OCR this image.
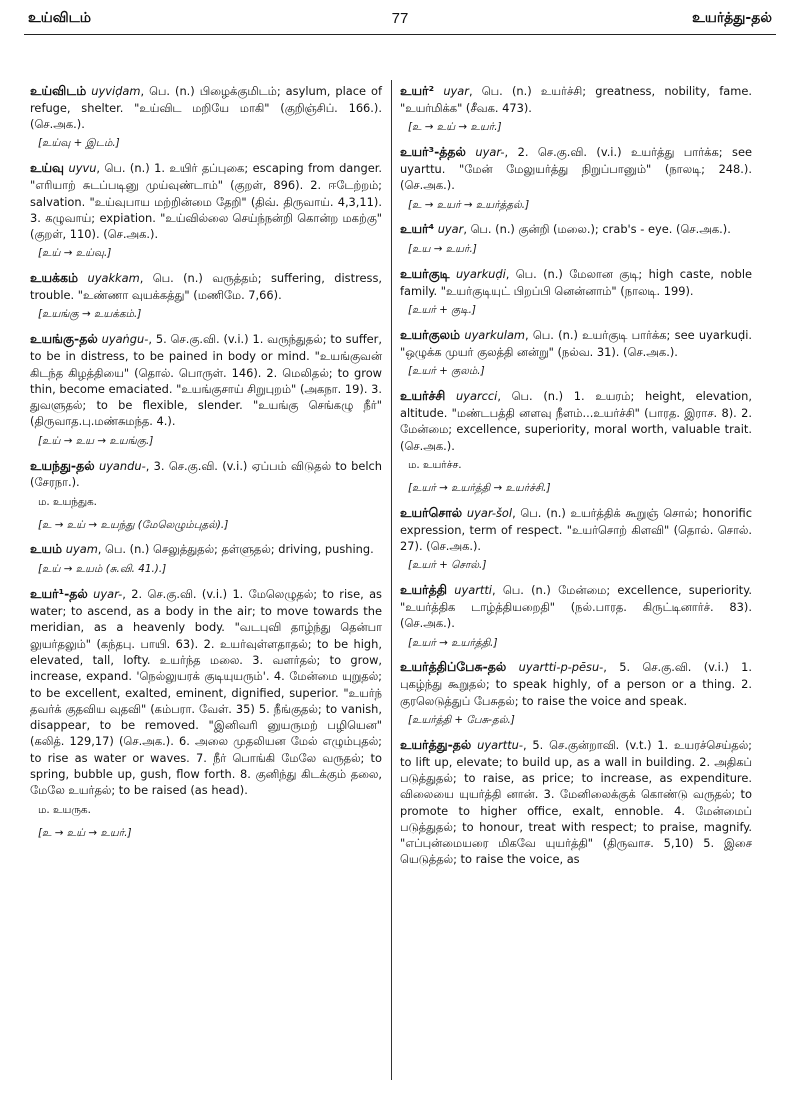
உய்விடம்	77	உயர்த்து-தல்
உய்விடம் uyviḍam, பெ. (n.) பிழைக்குமிடம்; asylum, place of refuge, shelter. "உய்விட மறியே மாகி" (குறிஞ்சிப். 166.). (செ.அக.).
[உய்வு + இடம்.]
உய்வு uyvu, பெ. (n.) 1. உயிர் தப்புகை; escaping from danger. "எரியாற் சுடப்படினு முய்வுண்டாம்" (குறள், 896). 2. ஈடேற்றம்; salvation. "உய்வுபாய மற்றின்மை தேறி" (திவ். திருவாய். 4,3,11). 3. கழுவாய்; expiation. "உய்வில்லை செய்ந்நன்றி கொன்ற மகற்கு" (குறள், 110). (செ.அக.).
[உய் → உய்வு.]
உயக்கம் uyakkam, பெ. (n.) வருத்தம்; suffering, distress, trouble. "உண்ணா வுயக்கத்து" (மணிமே. 7,66).
[உயங்கு → உயக்கம்.]
உயங்கு-தல் uyaṅgu-, 5. செ.கு.வி. (v.i.) 1. வருந்துதல்; to suffer, to be in distress, to be pained in body or mind. "உயங்குவன் கிடந்த கிழத்தியை" (தொல். பொருள். 146). 2. மெலிதல்; to grow thin, become emaciated. "உயங்குசாய் சிறுபுறம்" (அகநா. 19). 3. துவளுதல்; to be flexible, slender. "உயங்கு செங்கழு நீர்" (திருவாத.பு.மண்சுமந்த. 4.).
[உய் → உய → உயங்கு.]
உயந்து-தல் uyandu-, 3. செ.கு.வி. (v.i.) ஏப்பம் விடுதல் to belch (சேரநா.).
ம. உயந்துக.
[உ → உய் → உயந்து (மேலெழும்புதல்).]
உயம் uyam, பெ. (n.) செலுத்துதல்; தள்ளுதல்; driving, pushing.
[உய் → உயம் (சு.வி. 41.).]
உயர்¹-தல் uyar-, 2. செ.கு.வி. (v.i.) 1. மேலெழுதல்; to rise, as water; to ascend, as a body in the air; to move towards the meridian, as a heavenly body. "வடபுவி தாழ்ந்து தென்பா லுயர்தலும்" (கந்தபு. பாயி. 63). 2. உயர்வுள்ளதாதல்; to be high, elevated, tall, lofty. உயர்ந்த மலை. 3. வளர்தல்; to grow, increase, expand. 'நெல்லுயரக் குடியுயரும்'. 4. மேன்மை யுறுதல்; to be excellent, exalted, eminent, dignified, superior. "உயர்ந் தவர்க் குதவிய வுதவி" (கம்பரா. வேள். 35) 5. நீங்குதல்; to vanish, disappear, to be removed. "இனிவரி னுயருமற் பழியென" (கலித். 129,17) (செ.அக.). 6. அலை முதலியன மேல் எழும்புதல்; to rise as water or waves. 7. நீர் பொங்கி மேலே வருதல்; to spring, bubble up, gush, flow forth. 8. குனிந்து கிடக்கும் தலை, மேலே உயர்தல்; to be raised (as head).
ம. உயருக.
[உ → உய் → உயர்.]
உயர்² uyar, பெ. (n.) உயர்ச்சி; greatness, nobility, fame. "உயர்மிக்க" (சீவக. 473).
[உ → உய் → உயர்.]
உயர்³-த்தல் uyar-, 2. செ.கு.வி. (v.i.) உயர்த்து பார்க்க; see uyarttu. "மேன் மேலுயர்த்து நிறுப்பானும்" (நாலடி; 248.). (செ.அக.).
[உ → உயர் → உயர்த்தல்.]
உயர்⁴ uyar, பெ. (n.) குன்றி (மலை.); crab's - eye. (செ.அக.).
[உய → உயர்.]
உயர்குடி uyarkuḍi, பெ. (n.) மேலான குடி; high caste, noble family. "உயர்குடியுட் பிறப்பி னென்னாம்" (நாலடி. 199).
[உயர் + குடி.]
உயர்குலம் uyarkulam, பெ. (n.) உயர்குடி பார்க்க; see uyarkuḍi. "ஒழுக்க முயர் குலத்தி னன்று" (நல்வ. 31). (செ.அக.).
[உயர் + குலம்.]
உயர்ச்சி uyarcci, பெ. (n.) 1. உயரம்; height, elevation, altitude. "மண்டபத்தி னளவு நீளம்...உயர்ச்சி" (பாரத. இராச. 8). 2. மேன்மை; excellence, superiority, moral worth, valuable trait. (செ.அக.).
ம. உயர்ச்ச.
[உயர் → உயர்த்தி → உயர்ச்சி.]
உயர்சொல் uyar-šol, பெ. (n.) உயர்த்திக் கூறுஞ் சொல்; honorific expression, term of respect. "உயர்சொற் கிளவி" (தொல். சொல். 27). (செ.அக.).
[உயர் + சொல்.]
உயர்த்தி uyartti, பெ. (n.) மேன்மை; excellence, superiority. "உயர்த்திக டாழ்த்தியறைதி" (நல்.பாரத. கிருட்டினார்ச். 83). (செ.அக.).
[உயர் → உயர்த்தி.]
உயர்த்திப்பேசு-தல் uyartti-p-pēsu-, 5. செ.கு.வி. (v.i.) 1. புகழ்ந்து கூறுதல்; to speak highly, of a person or a thing. 2. குரலெடுத்துப் பேசுதல்; to raise the voice and speak.
[உயர்த்தி + பேசு-தல்.]
உயர்த்து-தல் uyarttu-, 5. செ.குன்றாவி. (v.t.) 1. உயரச்செய்தல்; to lift up, elevate; to build up, as a wall in building. 2. அதிகப் படுத்துதல்; to raise, as price; to increase, as expenditure. விலையை யுயர்த்தி னான். 3. மேனிலைக்குக் கொண்டு வருதல்; to promote to higher office, exalt, ennoble. 4. மேன்மைப் படுத்துதல்; to honour, treat with respect; to praise, magnify. "எப்புன்மையரை மிகவே யுயர்த்தி" (திருவாச. 5,10) 5. இசை யெடுத்தல்; to raise the voice, as
